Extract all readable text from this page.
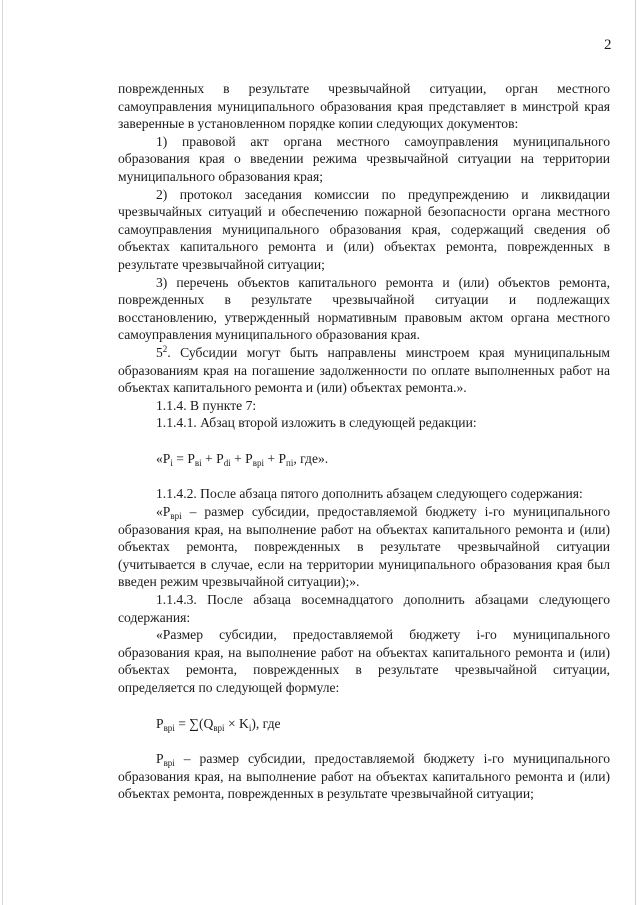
2

поврежденных в результате чрезвычайной ситуации, орган местного самоуправления муниципального образования края представляет в минстрой края заверенные в установленном порядке копии следующих документов:

1) правовой акт органа местного самоуправления муниципального образования края о введении режима чрезвычайной ситуации на территории муниципального образования края;

2) протокол заседания комиссии по предупреждению и ликвидации чрезвычайных ситуаций и обеспечению пожарной безопасности органа местного самоуправления муниципального образования края, содержащий сведения об объектах капитального ремонта и (или) объектах ремонта, поврежденных в результате чрезвычайной ситуации;

3) перечень объектов капитального ремонта и (или) объектов ремонта, поврежденных в результате чрезвычайной ситуации и подлежащих восстановлению, утвержденный нормативным правовым актом органа местного самоуправления муниципального образования края.

$5^2$. Субсидии могут быть направлены минстроем края муниципальным образованиям края на погашение задолженности по оплате выполненных работ на объектах капитального ремонта и (или) объектах ремонта.».

1.1.4. В пункте 7:

1.1.4.1. Абзац второй изложить в следующей редакции:

«$P_i = P_{вi} + P_{di} + P_{вpi} + P_{пi}$, где».

1.1.4.2. После абзаца пятого дополнить абзацем следующего содержания:

«$P_{вpi}$ – размер субсидии, предоставляемой бюджету i-го муниципального образования края, на выполнение работ на объектах капитального ремонта и (или) объектах ремонта, поврежденных в результате чрезвычайной ситуации (учитывается в случае, если на территории муниципального образования края был введен режим чрезвычайной ситуации);».

1.1.4.3. После абзаца восемнадцатого дополнить абзацами следующего содержания:

«Размер субсидии, предоставляемой бюджету i-го муниципального образования края, на выполнение работ на объектах капитального ремонта и (или) объектах ремонта, поврежденных в результате чрезвычайной ситуации, определяется по следующей формуле:

$P_{вpi} = \sum(Q_{вpi} \times K_i)$, где

$P_{вpi}$ – размер субсидии, предоставляемой бюджету i-го муниципального образования края, на выполнение работ на объектах капитального ремонта и (или) объектах ремонта, поврежденных в результате чрезвычайной ситуации;
